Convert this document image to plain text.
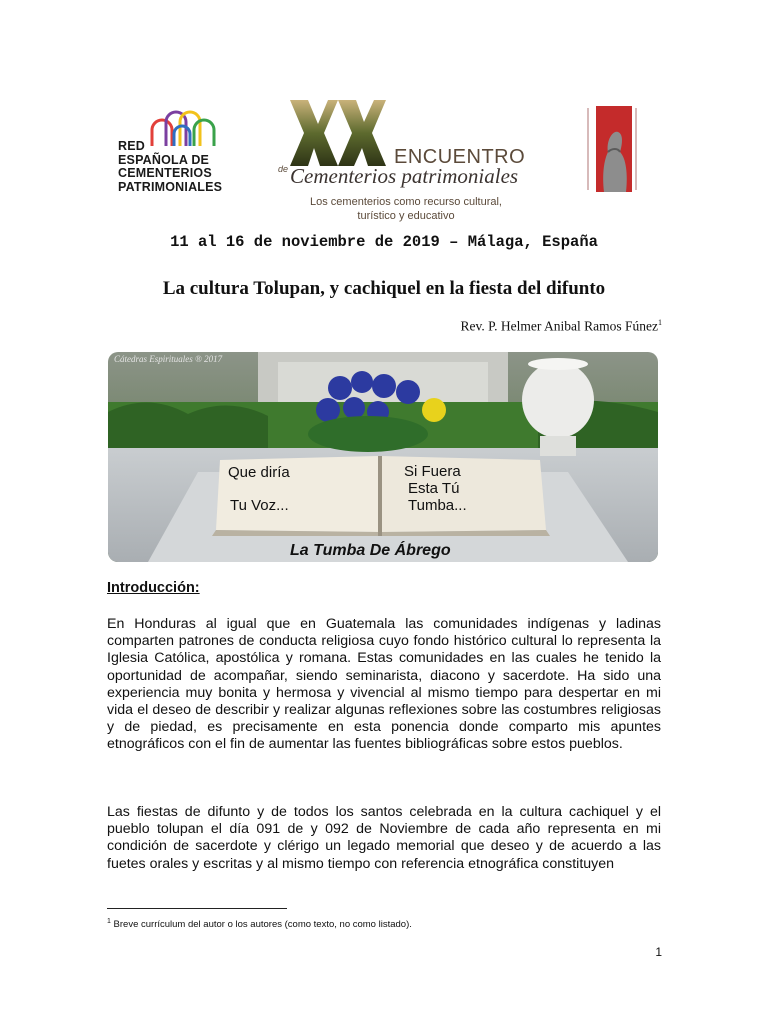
RED
ESPAÑOLA DE
CEMENTERIOS
PATRIMONIALES
ENCUENTRO
de Cementerios patrimoniales
Los cementerios como recurso cultural,
turístico y educativo
11 al 16 de noviembre de 2019 – Málaga, España
La cultura Tolupan, y cachiquel en la fiesta del difunto
Rev. P. Helmer Anibal Ramos Fúnez$^1$
Cátedras Espirituales ® 2017
Que diría
Tu Voz...
Si Fuera
Esta Tú
Tumba...
La Tumba De Ábrego
Introducción:

En Honduras al igual que en Guatemala las comunidades indígenas y ladinas comparten patrones de conducta religiosa cuyo fondo histórico cultural lo representa la Iglesia Católica, apostólica y romana. Estas comunidades en las cuales he tenido la oportunidad de acompañar, siendo seminarista, diacono y sacerdote. Ha sido una experiencia muy bonita y hermosa y vivencial al mismo tiempo para despertar en mi vida el deseo de describir y realizar algunas reflexiones sobre las costumbres religiosas y de piedad, es precisamente en esta ponencia donde comparto mis apuntes etnográficos con el fin de aumentar las fuentes bibliográficas sobre estos pueblos.

Las fiestas de difunto y de todos los santos celebrada en la cultura cachiquel y el pueblo tolupan el día 091 de y 092 de Noviembre de cada año representa en mi condición de sacerdote y clérigo un legado memorial que deseo y de acuerdo a las fuetes orales y escritas y al mismo tiempo con referencia etnográfica constituyen

$^1$ Breve currículum del autor o los autores (como texto, no como listado).
1
